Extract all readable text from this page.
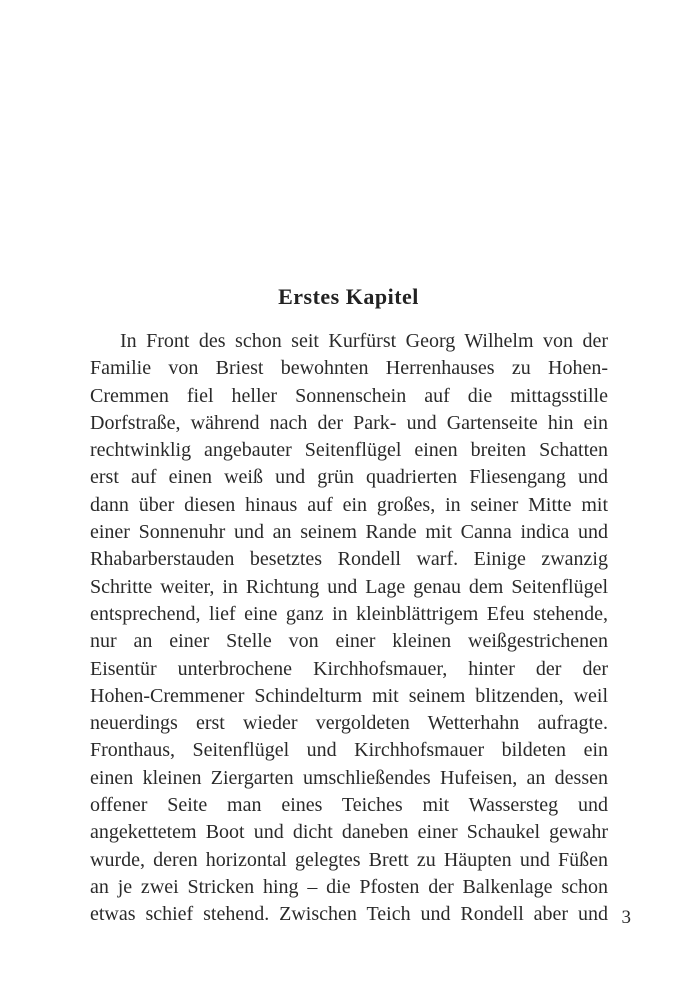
Erstes Kapitel
In Front des schon seit Kurfürst Georg Wilhelm von der
Familie von Briest bewohnten Herrenhauses zu Hohen-
Cremmen fiel heller Sonnenschein auf die mittagsstille
Dorfstraße, während nach der Park- und Gartenseite hin ein
rechtwinklig angebauter Seitenflügel einen breiten Schatten
erst auf einen weiß und grün quadrierten Fliesengang und
dann über diesen hinaus auf ein großes, in seiner Mitte mit
einer Sonnenuhr und an seinem Rande mit Canna indica und
Rhabarberstauden besetztes Rondell warf. Einige zwanzig
Schritte weiter, in Richtung und Lage genau dem Seitenflügel
entsprechend, lief eine ganz in kleinblättrigem Efeu stehende,
nur an einer Stelle von einer kleinen weißgestrichenen
Eisentür unterbrochene Kirchhofsmauer, hinter der der
Hohen-Cremmener Schindelturm mit seinem blitzenden, weil
neuerdings erst wieder vergoldeten Wetterhahn aufragte.
Fronthaus, Seitenflügel und Kirchhofsmauer bildeten ein
einen kleinen Ziergarten umschließendes Hufeisen, an dessen
offener Seite man eines Teiches mit Wassersteg und
angekettetem Boot und dicht daneben einer Schaukel gewahr
wurde, deren horizontal gelegtes Brett zu Häupten und Füßen
an je zwei Stricken hing – die Pfosten der Balkenlage schon
etwas schief stehend. Zwischen Teich und Rondell aber und 3
